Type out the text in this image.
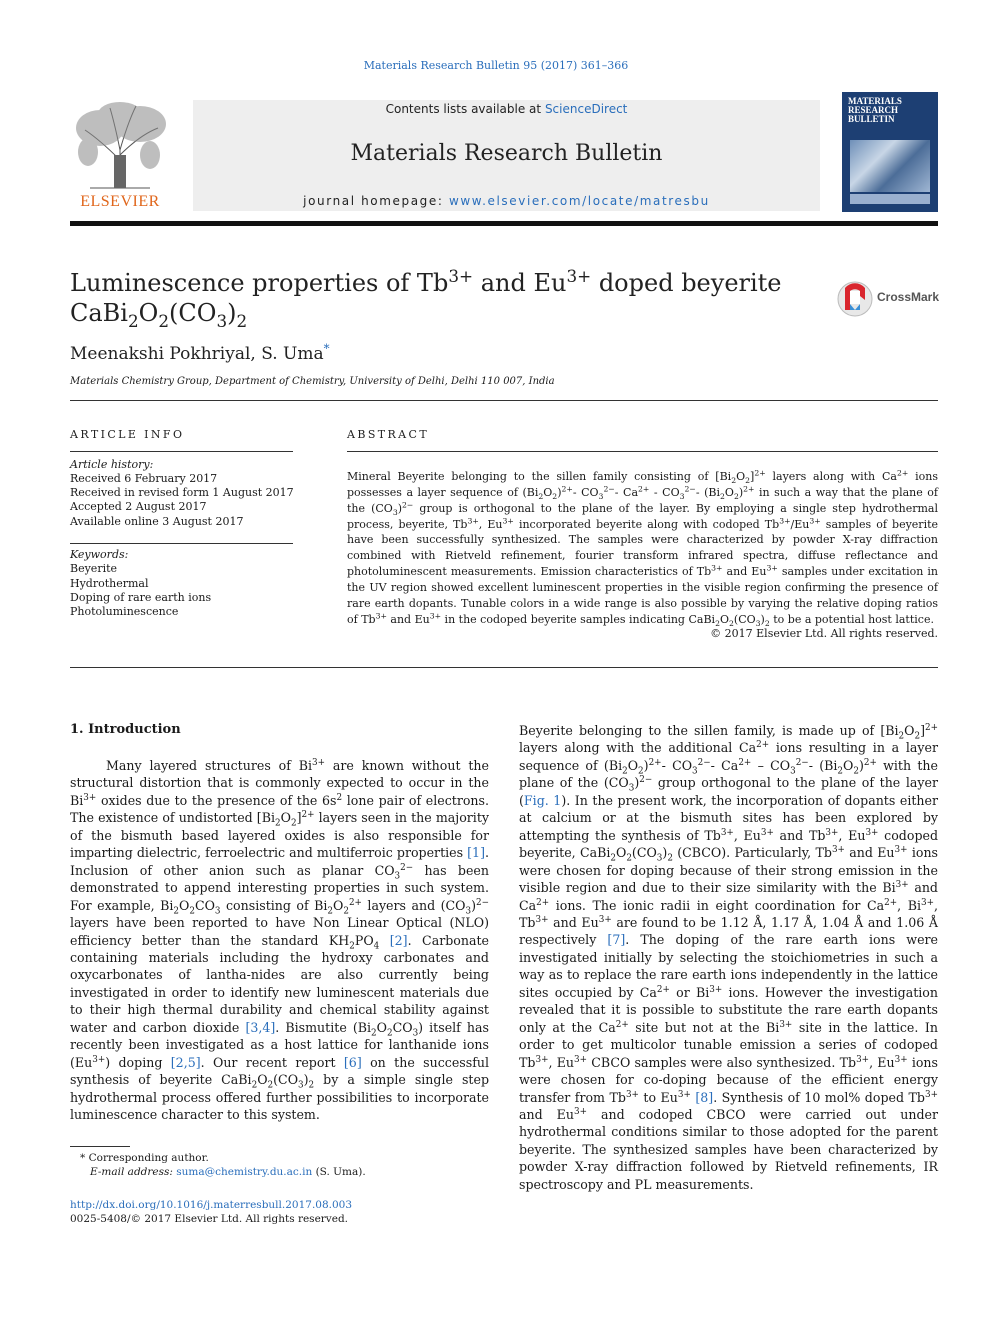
Materials Research Bulletin 95 (2017) 361–366
ELSEVIER
Contents lists available at ScienceDirect
Materials Research Bulletin
journal homepage: www.elsevier.com/locate/matresbu
MATERIALS
RESEARCH
BULLETIN
Luminescence properties of $Tb^{3+}$ and $Eu^{3+}$ doped beyerite
$CaBi_2O_2(CO_3)_2$
CrossMark
Meenakshi Pokhriyal, S. Uma*
Materials Chemistry Group, Department of Chemistry, University of Delhi, Delhi 110 007, India
ARTICLE INFO
Article history:
Received 6 February 2017
Received in revised form 1 August 2017
Accepted 2 August 2017
Available online 3 August 2017
Keywords:
Beyerite
Hydrothermal
Doping of rare earth ions
Photoluminescence
ABSTRACT
Mineral Beyerite belonging to the sillen family consisting of $[Bi_2O_2]^{2+}$ layers along with $Ca^{2+}$ ions possesses a layer sequence of $(Bi_2O_2)^{2+}-$ $CO_3^{2-}-$ $Ca^{2+} - CO_3^{2-}-$ $(Bi_2O_2)^{2+}$ in such a way that the plane of the $(CO_3)^{2-}$ group is orthogonal to the plane of the layer. By employing a single step hydrothermal process, beyerite, $Tb^{3+}$, $Eu^{3+}$ incorporated beyerite along with codoped $Tb^{3+}/Eu^{3+}$ samples of beyerite have been successfully synthesized. The samples were characterized by powder X-ray diffraction combined with Rietveld refinement, fourier transform infrared spectra, diffuse reflectance and photoluminescent measurements. Emission characteristics of $Tb^{3+}$ and $Eu^{3+}$ samples under excitation in the UV region showed excellent luminescent properties in the visible region confirming the presence of rare earth dopants. Tunable colors in a wide range is also possible by varying the relative doping ratios of $Tb^{3+}$ and $Eu^{3+}$ in the codoped beyerite samples indicating $CaBi_2O_2(CO_3)_2$ to be a potential host lattice.
© 2017 Elsevier Ltd. All rights reserved.
1. Introduction

Many layered structures of $Bi^{3+}$ are known without the structural distortion that is commonly expected to occur in the $Bi^{3+}$ oxides due to the presence of the $6s^2$ lone pair of electrons. The existence of undistorted $[Bi_2O_2]^{2+}$ layers seen in the majority of the bismuth based layered oxides is also responsible for imparting dielectric, ferroelectric and multiferroic properties [1]. Inclusion of other anion such as planar $CO_3^{2-}$ has been demonstrated to append interesting properties in such system. For example, $Bi_2O_2CO_3$ consisting of $Bi_2O_2^{2+}$ layers and $(CO_3)^{2-}$ layers have been reported to have Non Linear Optical (NLO) efficiency better than the standard $KH_2PO_4$ [2]. Carbonate containing materials including the hydroxy carbonates and oxycarbonates of lantha-nides are also currently being investigated in order to identify new luminescent materials due to their high thermal durability and chemical stability against water and carbon dioxide [3,4]. Bismutite $(Bi_2O_2CO_3)$ itself has recently been investigated as a host lattice for lanthanide ions $(Eu^{3+})$ doping [2,5]. Our recent report [6] on the successful synthesis of beyerite $CaBi_2O_2(CO_3)_2$ by a simple single step hydrothermal process offered further possibilities to incorporate luminescence character to this system.

Beyerite belonging to the sillen family, is made up of $[Bi_2O_2]^{2+}$ layers along with the additional $Ca^{2+}$ ions resulting in a layer sequence of $(Bi_2O_2)^{2+}-$ $CO_3^{2-}-$ $Ca^{2+} - CO_3^{2-}-$ $(Bi_2O_2)^{2+}$ with the plane of the $(CO_3)^{2-}$ group orthogonal to the plane of the layer (Fig. 1). In the present work, the incorporation of dopants either at calcium or at the bismuth sites has been explored by attempting the synthesis of $Tb^{3+}$, $Eu^{3+}$ and $Tb^{3+}$, $Eu^{3+}$ codoped beyerite, $CaBi_2O_2(CO_3)_2$ (CBCO). Particularly, $Tb^{3+}$ and $Eu^{3+}$ ions were chosen for doping because of their strong emission in the visible region and due to their size similarity with the $Bi^{3+}$ and $Ca^{2+}$ ions. The ionic radii in eight coordination for $Ca^{2+}$, $Bi^{3+}$, $Tb^{3+}$ and $Eu^{3+}$ are found to be 1.12 Å, 1.17 Å, 1.04 Å and 1.06 Å respectively [7]. The doping of the rare earth ions were investigated initially by selecting the stoichiometries in such a way as to replace the rare earth ions independently in the lattice sites occupied by $Ca^{2+}$ or $Bi^{3+}$ ions. However the investigation revealed that it is possible to substitute the rare earth dopants only at the $Ca^{2+}$ site but not at the $Bi^{3+}$ site in the lattice. In order to get multicolor tunable emission a series of codoped $Tb^{3+}$, $Eu^{3+}$ CBCO samples were also synthesized. $Tb^{3+}$, $Eu^{3+}$ ions were chosen for co-doping because of the efficient energy transfer from $Tb^{3+}$ to $Eu^{3+}$ [8]. Synthesis of 10 mol% doped $Tb^{3+}$ and $Eu^{3+}$ and codoped CBCO were carried out under hydrothermal conditions similar to those adopted for the parent beyerite. The synthesized samples have been characterized by powder X-ray diffraction followed by Rietveld refinements, IR spectroscopy and PL measurements.

* Corresponding author.
E-mail address: suma@chemistry.du.ac.in (S. Uma).
http://dx.doi.org/10.1016/j.materresbull.2017.08.003
0025-5408/© 2017 Elsevier Ltd. All rights reserved.
